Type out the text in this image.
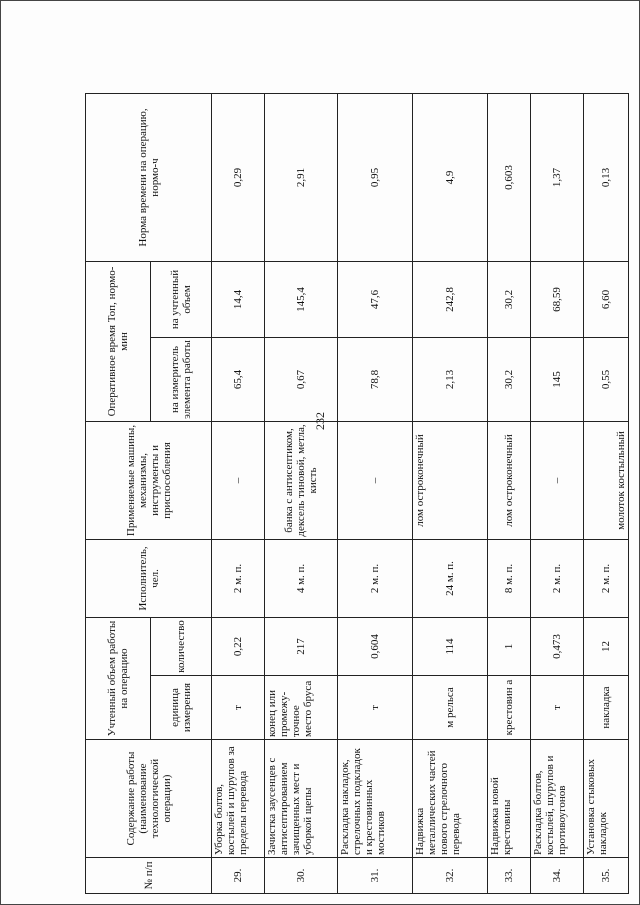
232
№ п/п	Содержание работы (наименование технологической операции)	Учтенный объем работы на операцию		Исполнитель, чел.	Применяемые машины, механизмы, инструменты и приспособления	Оперативное время Топ, нормо-мин		Норма времени на операцию, нормо-ч
		единица измерения	количество			на измеритель элемента работы	на учтенный объем	
29.	Уборка болтов, костылей и шурупов за пределы перевода	т	0,22	2 м. п.	–	65,4	14,4	0,29
30.	Зачистка заусенцев с антисептированием зачищенных мест и уборкой щепы	конец или промежу-точное место бруса	217	4 м. п.	банка с антисептиком, дексель тиновой, метла, кисть	0,67	145,4	2,91
31.	Раскладка накладок, стрелочных подкладок и крестовинных мостиков	т	0,604	2 м. п.	–	78,8	47,6	0,95
32.	Надвижка металлических частей нового стрелочного перевода	м рельса	114	24 м. п.	лом остроконечный	2,13	242,8	4,9
33.	Надвижка новой крестовины	крестовин а	1	8 м. п.	лом остроконечный	30,2	30,2	0,603
34.	Раскладка болтов, костылей, шурупов и противоугонов	т	0,473	2 м. п.	–	145	68,59	1,37
35.	Установка стыковых накладок	накладка	12	2 м. п.	молоток костыльный	0,55	6,60	0,13
